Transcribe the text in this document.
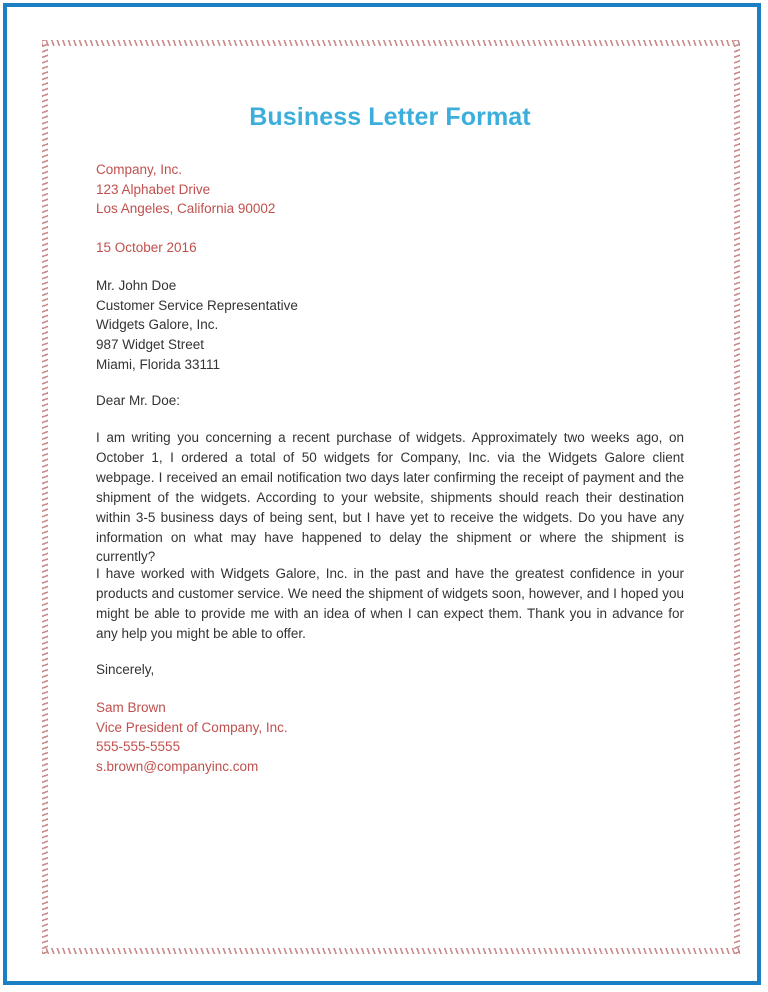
Business Letter Format
Company, Inc.
123 Alphabet Drive
Los Angeles, California 90002
15 October 2016
Mr. John Doe
Customer Service Representative
Widgets Galore, Inc.
987 Widget Street
Miami, Florida 33111
Dear Mr. Doe:

I am writing you concerning a recent purchase of widgets. Approximately two weeks ago, on October 1, I ordered a total of 50 widgets for Company, Inc. via the Widgets Galore client webpage. I received an email notification two days later confirming the receipt of payment and the shipment of the widgets. According to your website, shipments should reach their destination within 3-5 business days of being sent, but I have yet to receive the widgets. Do you have any information on what may have happened to delay the shipment or where the shipment is currently?

I have worked with Widgets Galore, Inc. in the past and have the greatest confidence in your products and customer service. We need the shipment of widgets soon, however, and I hoped you might be able to provide me with an idea of when I can expect them. Thank you in advance for any help you might be able to offer.

Sincerely,
Sam Brown
Vice President of Company, Inc.
555-555-5555
s.brown@companyinc.com
